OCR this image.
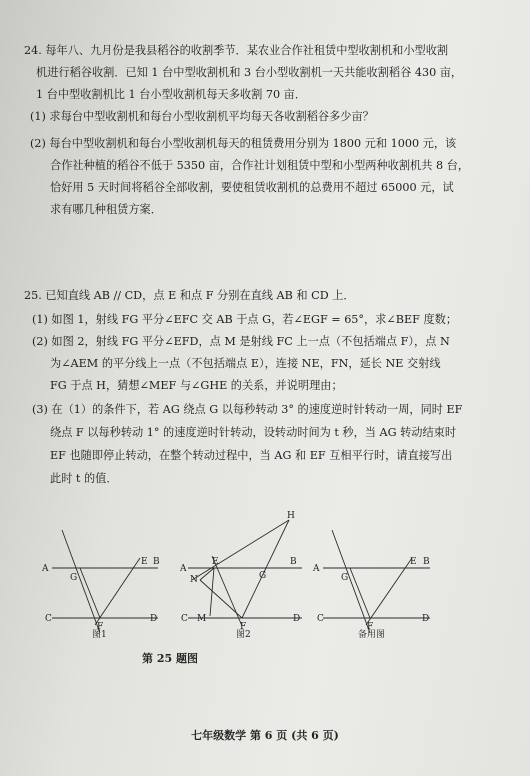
24. 每年八、九月份是我县稻谷的收割季节．某农业合作社租赁中型收割机和小型收割
机进行稻谷收割．已知 1 台中型收割机和 3 台小型收割机一天共能收割稻谷 430 亩，
1 台中型收割机比 1 台小型收割机每天多收割 70 亩．
(1) 求每台中型收割机和每台小型收割机平均每天各收割稻谷多少亩？
(2) 每台中型收割机和每台小型收割机每天的租赁费用分别为 1800 元和 1000 元，该
合作社种植的稻谷不低于 5350 亩，合作社计划租赁中型和小型两种收割机共 8 台，
恰好用 5 天时间将稻谷全部收割，要使租赁收割机的总费用不超过 65000 元，试
求有哪几种租赁方案．
25. 已知直线 AB // CD，点 E 和点 F 分别在直线 AB 和 CD 上．
(1) 如图 1，射线 FG 平分∠EFC 交 AB 于点 G，若∠EGF = 65°，求∠BEF 度数；
(2) 如图 2，射线 FG 平分∠EFD，点 M 是射线 FC 上一点（不包括端点 F），点 N
为∠AEM 的平分线上一点（不包括端点 E），连接 NE，FN，延长 NE 交射线
FG 于点 H，猜想∠MEF 与∠GHE 的关系，并说明理由；
(3) 在（1）的条件下，若 AG 绕点 G 以每秒转动 3° 的速度逆时针转动一周，同时 EF
绕点 F 以每秒转动 1° 的速度逆时针转动，设转动时间为 t 秒，当 AG 转动结束时
EF 也随即停止转动，在整个转动过程中，当 AG 和 EF 互相平行时，请直接写出
此时 t 的值．
A
E B
G
C
F
D
H
A
E
G
B
N
C M
F
D
A
G
E B
C
F
D
图1	图2	备用图
第 25 题图
七年级数学 第 6 页 (共 6 页)
